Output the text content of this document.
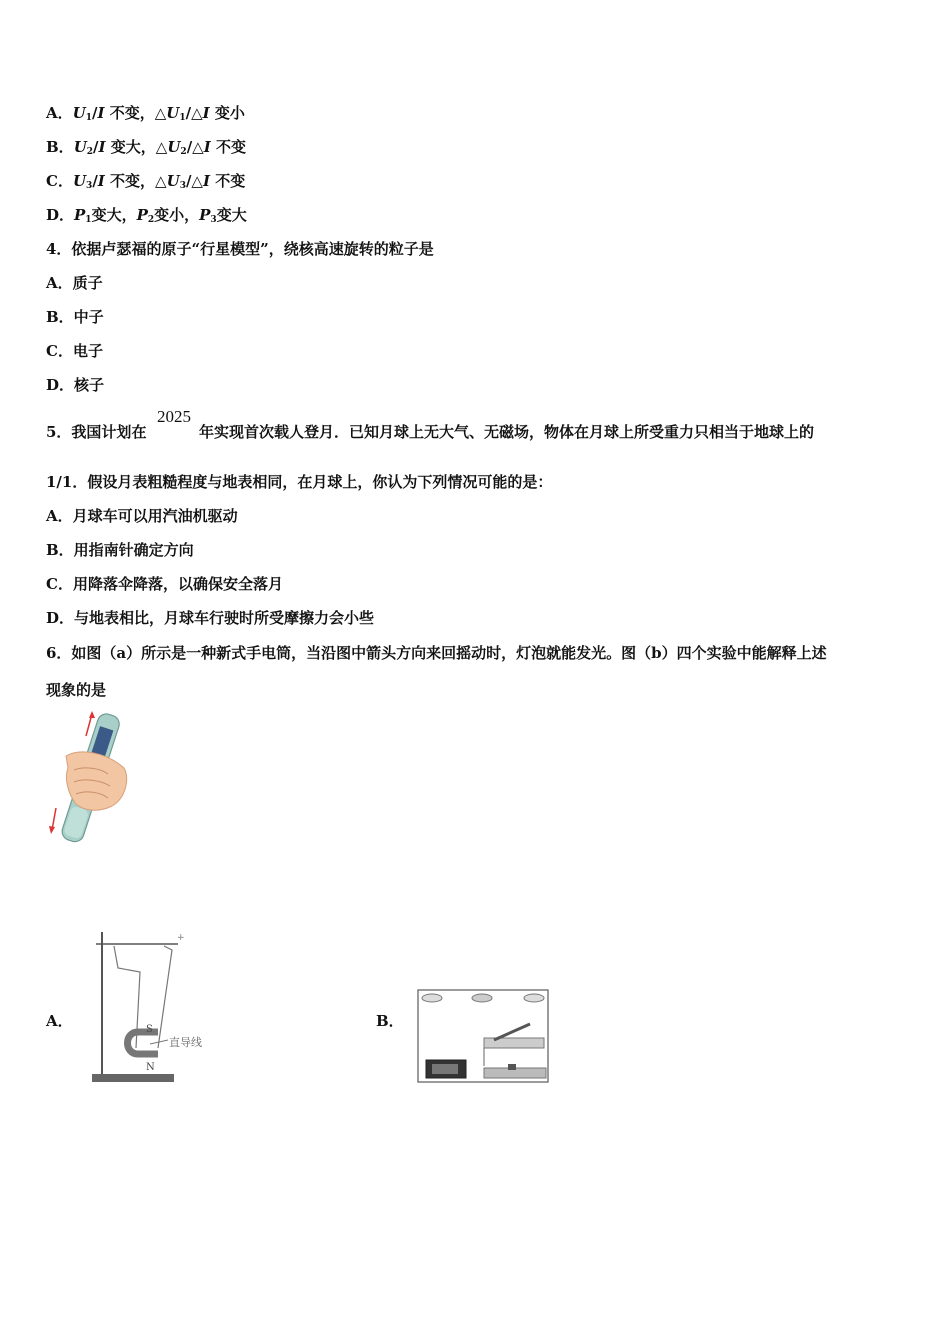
A．$U_1/I$ 不变，$\triangle U_1/\triangle I$ 变小
B．$U_2/I$ 变大，$\triangle U_2/\triangle I$ 不变
C．$U_3/I$ 不变，$\triangle U_3/\triangle I$ 不变
D．$P_1$变大，$P_2$变小，$P_3$变大
4．依据卢瑟福的原子“行星模型”，绕核高速旋转的粒子是
A．质子
B．中子
C．电子
D．核子
5．我国计划在
2025
年实现首次载人登月．已知月球上无大气、无磁场，物体在月球上所受重力只相当于地球上的
1/1．假设月表粗糙程度与地表相同，在月球上，你认为下列情况可能的是：
A．月球车可以用汽油机驱动
B．用指南针确定方向
C．用降落伞降落，以确保安全落月
D．与地表相比，月球车行驶时所受摩擦力会小些
6．如图（a）所示是一种新式手电筒，当沿图中箭头方向来回摇动时，灯泡就能发光。图（b）四个实验中能解释上述
现象的是
A．
+
S
N
直导线
B．
